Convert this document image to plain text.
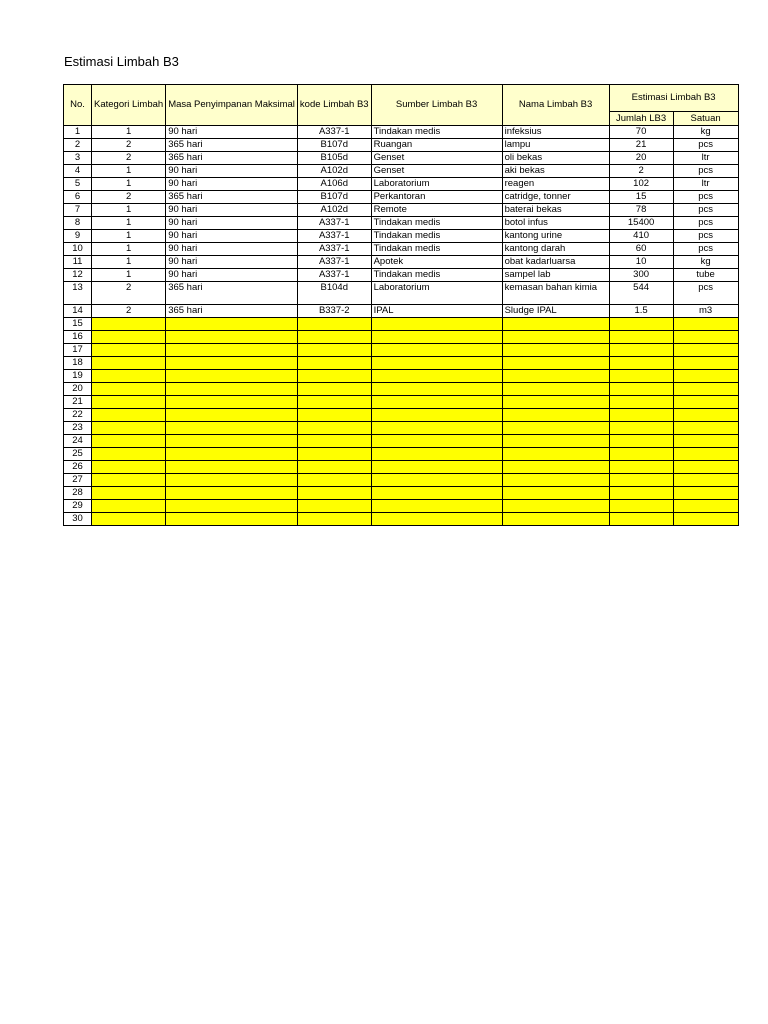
Estimasi Limbah B3
No.	Kategori Limbah	Masa Penyimpanan Maksimal	kode Limbah B3	Sumber Limbah B3	Nama Limbah B3	Estimasi Limbah B3	
						Jumlah LB3	Satuan
1	1	90 hari	A337-1	Tindakan medis	infeksius	70	kg
2	2	365 hari	B107d	Ruangan	lampu	21	pcs
3	2	365 hari	B105d	Genset	oli bekas	20	ltr
4	1	90 hari	A102d	Genset	aki bekas	2	pcs
5	1	90 hari	A106d	Laboratorium	reagen	102	ltr
6	2	365 hari	B107d	Perkantoran	catridge, tonner	15	pcs
7	1	90 hari	A102d	Remote	baterai bekas	78	pcs
8	1	90 hari	A337-1	Tindakan medis	botol infus	15400	pcs
9	1	90 hari	A337-1	Tindakan medis	kantong urine	410	pcs
10	1	90 hari	A337-1	Tindakan medis	kantong darah	60	pcs
11	1	90 hari	A337-1	Apotek	obat kadarluarsa	10	kg
12	1	90 hari	A337-1	Tindakan medis	sampel lab	300	tube
13	2	365 hari	B104d	Laboratorium	kemasan bahan kimia	544	pcs
14	2	365 hari	B337-2	IPAL	Sludge IPAL	1.5	m3
15							
16							
17							
18							
19							
20							
21							
22							
23							
24							
25							
26							
27							
28							
29							
30							
